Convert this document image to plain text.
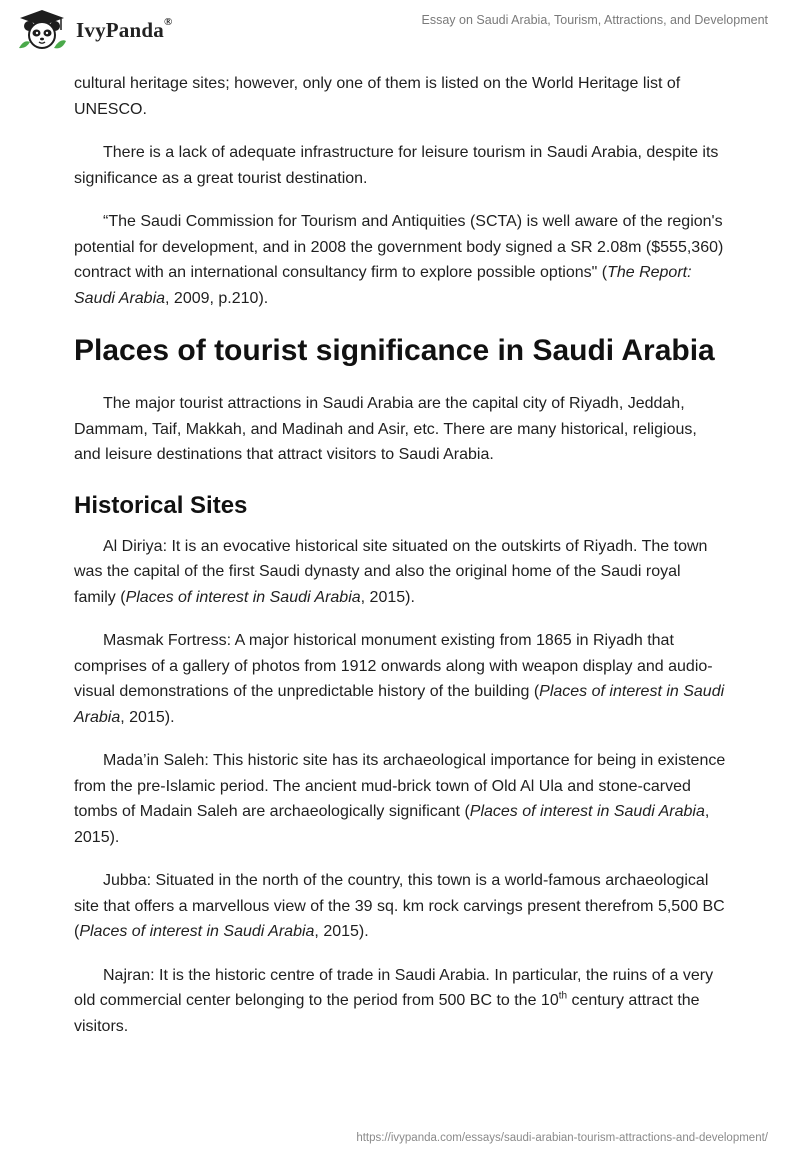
IvyPanda®	Essay on Saudi Arabia, Tourism, Attractions, and Development

cultural heritage sites; however, only one of them is listed on the World Heritage list of UNESCO.

There is a lack of adequate infrastructure for leisure tourism in Saudi Arabia, despite its significance as a great tourist destination.

“The Saudi Commission for Tourism and Antiquities (SCTA) is well aware of the region's potential for development, and in 2008 the government body signed a SR 2.08m ($555,360) contract with an international consultancy firm to explore possible options" (The Report: Saudi Arabia, 2009, p.210).

Places of tourist significance in Saudi Arabia

The major tourist attractions in Saudi Arabia are the capital city of Riyadh, Jeddah, Dammam, Taif, Makkah, and Madinah and Asir, etc. There are many historical, religious, and leisure destinations that attract visitors to Saudi Arabia.

Historical Sites

Al Diriya: It is an evocative historical site situated on the outskirts of Riyadh. The town was the capital of the first Saudi dynasty and also the original home of the Saudi royal family (Places of interest in Saudi Arabia, 2015).

Masmak Fortress: A major historical monument existing from 1865 in Riyadh that comprises of a gallery of photos from 1912 onwards along with weapon display and audio-visual demonstrations of the unpredictable history of the building (Places of interest in Saudi Arabia, 2015).

Mada’in Saleh: This historic site has its archaeological importance for being in existence from the pre-Islamic period. The ancient mud-brick town of Old Al Ula and stone-carved tombs of Madain Saleh are archaeologically significant (Places of interest in Saudi Arabia, 2015).

Jubba: Situated in the north of the country, this town is a world-famous archaeological site that offers a marvellous view of the 39 sq. km rock carvings present therefrom 5,500 BC (Places of interest in Saudi Arabia, 2015).

Najran: It is the historic centre of trade in Saudi Arabia. In particular, the ruins of a very old commercial center belonging to the period from 500 BC to the 10th century attract the visitors.

https://ivypanda.com/essays/saudi-arabian-tourism-attractions-and-development/
